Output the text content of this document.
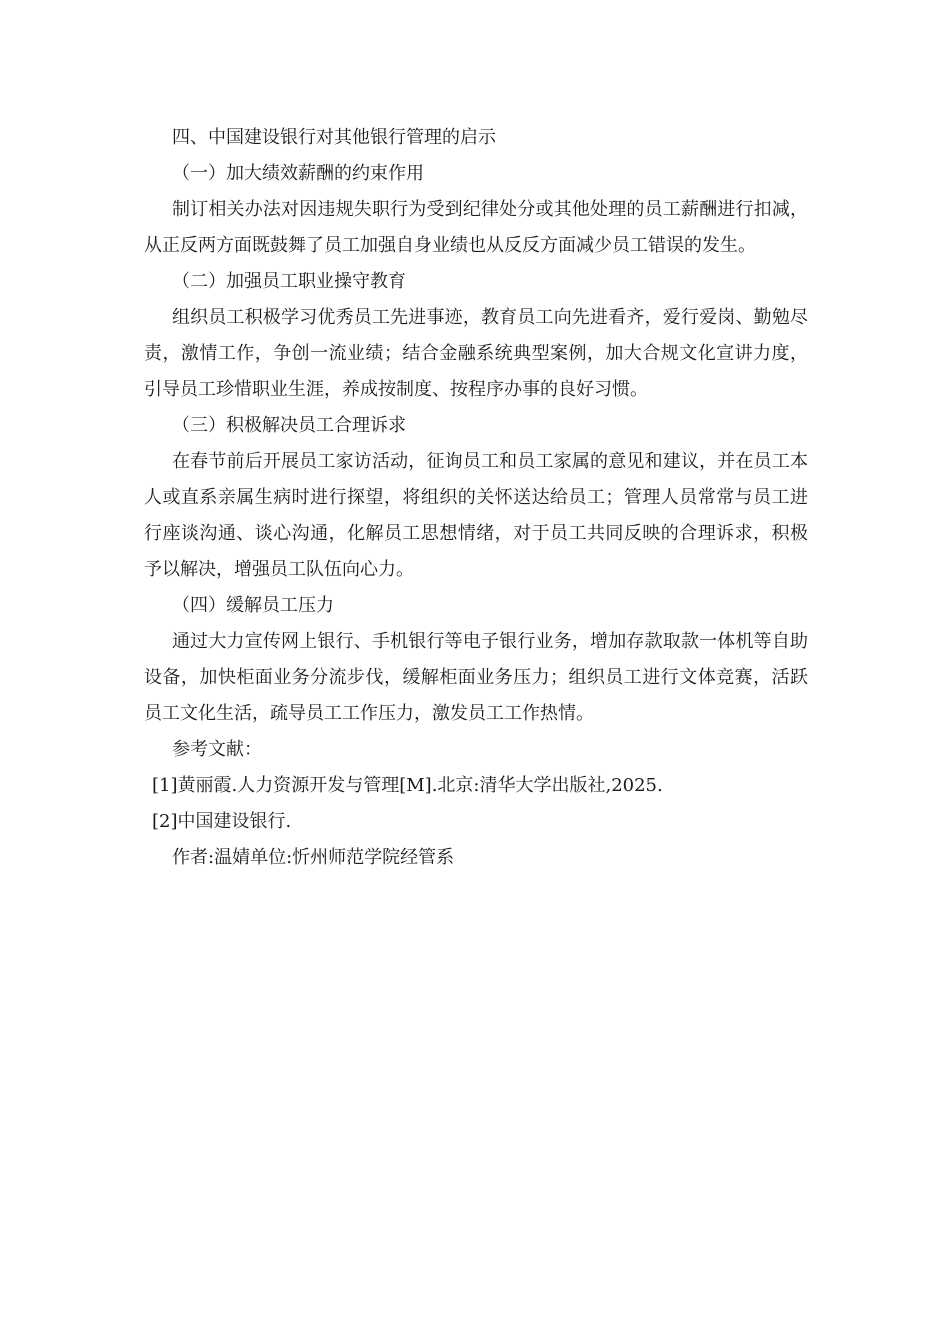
四、中国建设银行对其他银行管理的启示

（一）加大绩效薪酬的约束作用

制订相关办法对因违规失职行为受到纪律处分或其他处理的员工薪酬进行扣减，从正反两方面既鼓舞了员工加强自身业绩也从反反方面减少员工错误的发生。

（二）加强员工职业操守教育

组织员工积极学习优秀员工先进事迹，教育员工向先进看齐，爱行爱岗、勤勉尽责，激情工作，争创一流业绩；结合金融系统典型案例，加大合规文化宣讲力度，引导员工珍惜职业生涯，养成按制度、按程序办事的良好习惯。

（三）积极解决员工合理诉求

在春节前后开展员工家访活动，征询员工和员工家属的意见和建议，并在员工本人或直系亲属生病时进行探望，将组织的关怀送达给员工；管理人员常常与员工进行座谈沟通、谈心沟通，化解员工思想情绪，对于员工共同反映的合理诉求，积极予以解决，增强员工队伍向心力。

（四）缓解员工压力

通过大力宣传网上银行、手机银行等电子银行业务，增加存款取款一体机等自助设备，加快柜面业务分流步伐，缓解柜面业务压力；组织员工进行文体竞赛，活跃员工文化生活，疏导员工工作压力，激发员工工作热情。

参考文献：

[1]黄丽霞.人力资源开发与管理[M].北京:清华大学出版社,2025.

[2]中国建设银行.

作者:温婧单位:忻州师范学院经管系
